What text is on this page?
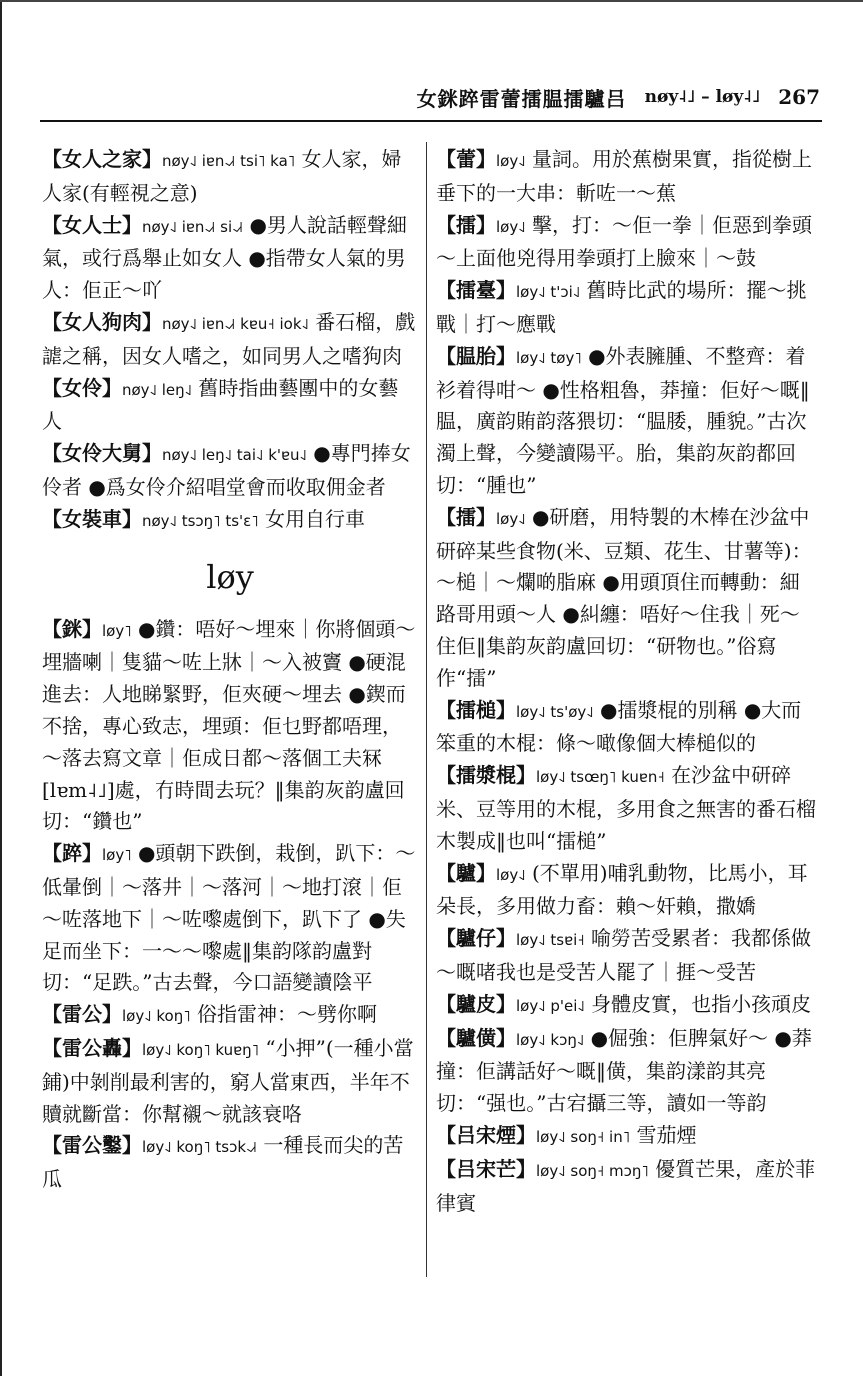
女銤踤雷蕾擂腽擂驢吕 nøy˨˩ – løy˨˩ 267

【女人之家】nøy˨˩ iɐn˨˩˧ tsi˥ ka˥ 女人家，婦人家(有輕視之意)

【女人士】nøy˨˩ iɐn˨˩˧ si˨˩˧ ●男人說話輕聲細氣，或行爲舉止如女人 ●指帶女人氣的男人：佢正～吖

【女人狗肉】nøy˨˩ iɐn˨˩˧ kɐu˧ iok˨˩ 番石榴，戲謔之稱，因女人嗜之，如同男人之嗜狗肉

【女伶】nøy˨˩ leŋ˨˩ 舊時指曲藝團中的女藝人

【女伶大舅】nøy˨˩ leŋ˨˩ tai˨˩ k'ɐu˨˩ ●專門捧女伶者 ●爲女伶介紹唱堂會而收取佣金者

【女裝車】nøy˨˩ tsɔŋ˥ ts'ɛ˥ 女用自行車

løy

【銤】løy˥ ●鑽：唔好～埋來｜你將個頭～埋牆喇｜隻貓～咗上牀｜～入被竇 ●硬混進去：人地睇緊野，佢夾硬～埋去 ●鍥而不捨，專心致志，埋頭：佢乜野都唔理，～落去寫文章｜佢成日都～落個工夫冧[lɐm˨˩]處，冇時間去玩？‖集韵灰韵盧回切：“鑽也”

【踤】løy˥ ●頭朝下跌倒，栽倒，趴下：～低暈倒｜～落井｜～落河｜～地打滾｜佢～咗落地下｜～咗嚟處倒下，趴下了 ●失足而坐下：一～～嚟處‖集韵隊韵盧對切：“足跌。”古去聲，今口語變讀陰平

【雷公】løy˨˩ koŋ˥ 俗指雷神：～劈你啊

【雷公轟】løy˨˩ koŋ˥ kuɐŋ˥ “小押”(一種小當鋪)中剝削最利害的，窮人當東西，半年不贖就斷當：你幫襯～就該衰咯

【雷公鑿】løy˨˩ koŋ˥ tsɔk˨˩˧ 一種長而尖的苦瓜

【蕾】løy˨˩ 量詞。用於蕉樹果實，指從樹上垂下的一大串：斬咗一～蕉

【擂】løy˨˩ 擊，打：～佢一拳｜佢惡到拳頭～上面他兇得用拳頭打上臉來｜～鼓

【擂臺】løy˨˩ t'ɔi˨˩ 舊時比武的場所：擺～挑戰｜打～應戰

【腽胎】løy˨˩ tøy˥ ●外表臃腫、不整齊：着衫着得咁～ ●性格粗魯，莽撞：佢好～嘅‖腽，廣韵賄韵落猥切：“腽腇，腫貌。”古次濁上聲，今變讀陽平。胎，集韵灰韵都回切：“腫也”

【擂】løy˨˩ ●研磨，用特製的木棒在沙盆中研碎某些食物(米、豆類、花生、甘薯等)：～槌｜～爛啲脂麻 ●用頭頂住而轉動：細路哥用頭～人 ●糾纏：唔好～住我｜死～住佢‖集韵灰韵盧回切：“研物也。”俗寫作“擂”

【擂槌】løy˨˩ ts'øy˨˩ ●擂漿棍的別稱 ●大而笨重的木棍：條～噉像個大棒槌似的

【擂漿棍】løy˨˩ tsœŋ˥ kuɐn˧ 在沙盆中研碎米、豆等用的木棍，多用食之無害的番石榴木製成‖也叫“擂槌”

【驢】løy˨˩ (不單用)哺乳動物，比馬小，耳朵長，多用做力畜：賴～奸賴，撒嬌

【驢仔】løy˨˩ tsɐi˧ 喻勞苦受累者：我都係做～嘅啫我也是受苦人罷了｜捱～受苦

【驢皮】løy˨˩ p'ei˨˩ 身體皮實，也指小孩頑皮

【驢僙】løy˨˩ kɔŋ˨˩ ●倔強：佢脾氣好～ ●莽撞：佢講話好～嘅‖僙，集韵漾韵其亮切：“强也。”古宕攝三等，讀如一等韵

【吕宋煙】løy˨˩ soŋ˧ in˥ 雪茄煙

【吕宋芒】løy˨˩ soŋ˧ mɔŋ˥ 優質芒果，產於菲律賓
